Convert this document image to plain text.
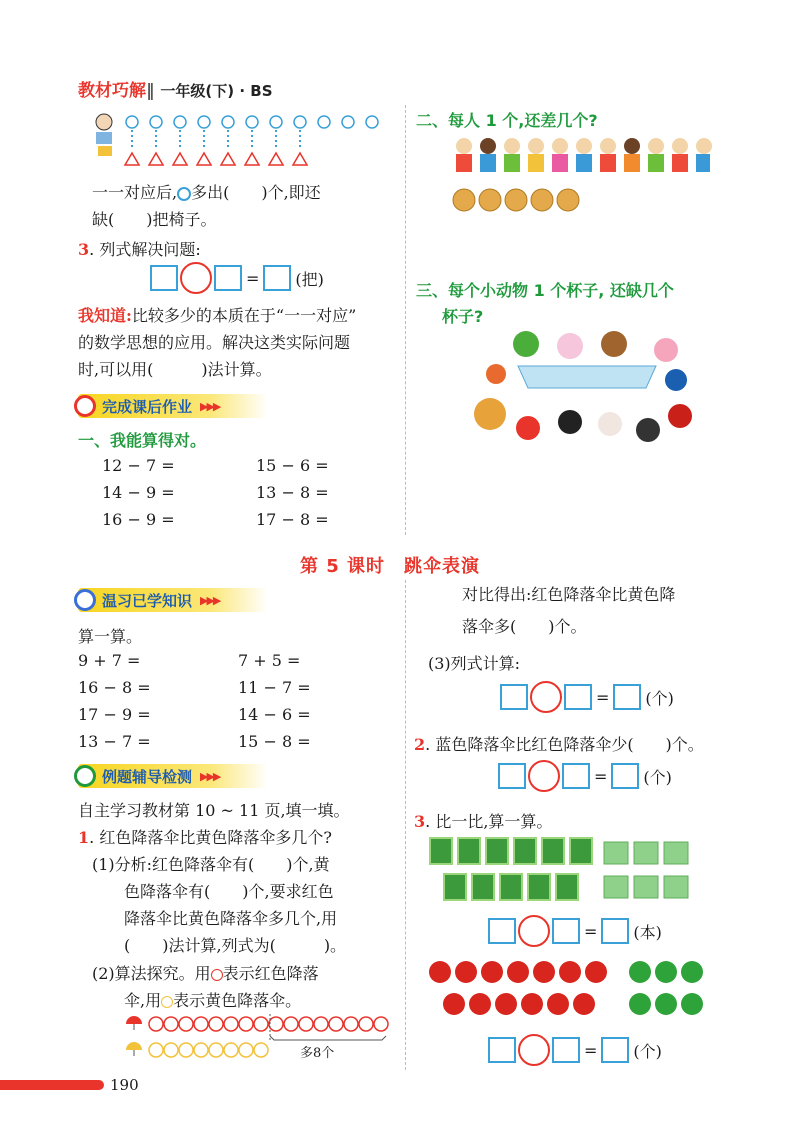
教材巧解‖ 一年级(下) · BS
一一对应后, 多出(　　)个,即还
缺(　　)把椅子。
3. 列式解决问题:
= (把)
我知道:比较多少的本质在于“一一对应”
的数学思想的应用。解决这类实际问题
时,可以用(　　　)法计算。
完成课后作业 ▶▶▶
一、我能算得对。
12 − 7 =	15 − 6 =
14 − 9 =	13 − 8 =
16 − 9 =	17 − 8 =
二、每人 1 个,还差几个?
三、每个小动物 1 个杯子, 还缺几个
杯子?
第 5 课时　跳伞表演
温习已学知识 ▶▶▶
算一算。
9 + 7 =	7 + 5 =
16 − 8 =	11 − 7 =
17 − 9 =	14 − 6 =
13 − 7 =	15 − 8 =
例题辅导检测 ▶▶▶
自主学习教材第 10 ~ 11 页,填一填。
1. 红色降落伞比黄色降落伞多几个?
(1)分析:红色降落伞有(　　)个,黄
色降落伞有(　　)个,要求红色
降落伞比黄色降落伞多几个,用
(　　)法计算,列式为(　　　)。
(2)算法探究。用 表示红色降落
伞,用 表示黄色降落伞。
多8个
对比得出:红色降落伞比黄色降
落伞多(　　)个。
(3)列式计算:
= (个)
2. 蓝色降落伞比红色降落伞少(　　)个。
= (个)
3. 比一比,算一算。
= (本)
= (个)
190
